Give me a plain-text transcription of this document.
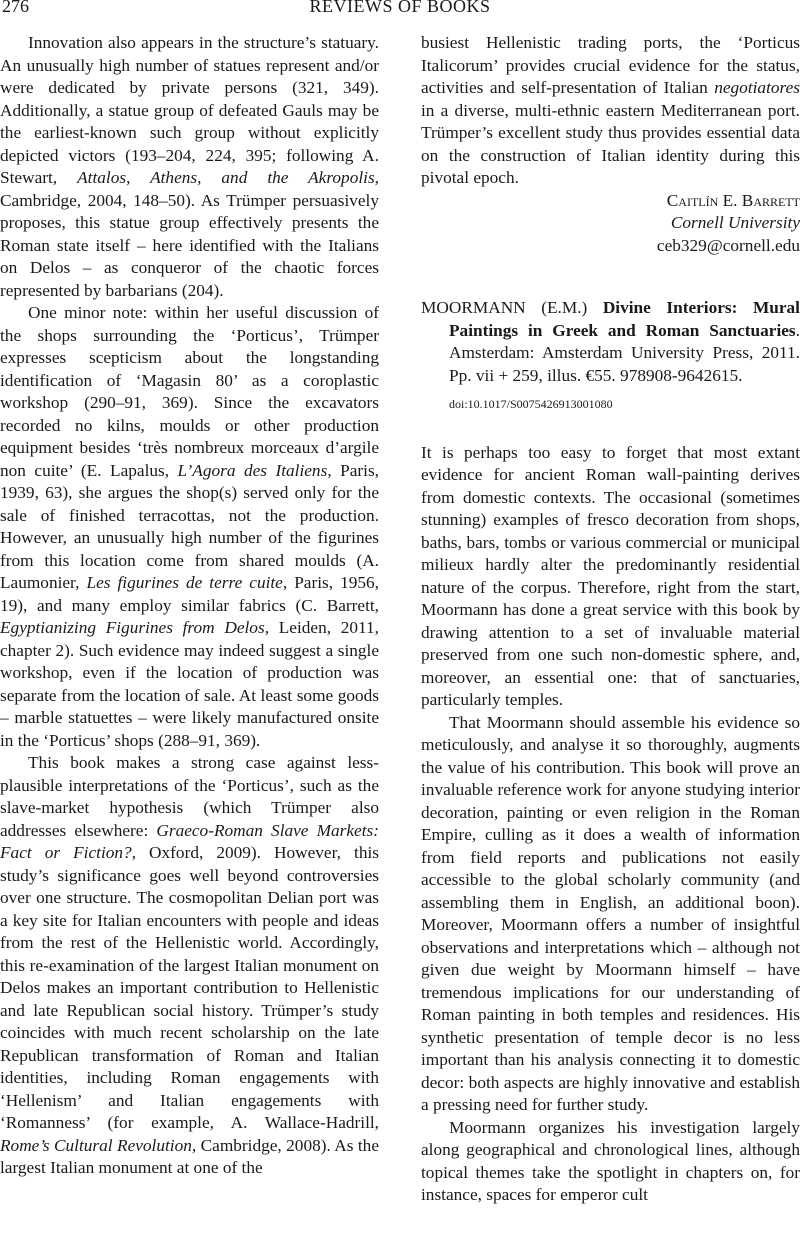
276	REVIEWS OF BOOKS

Innovation also appears in the structure’s statuary. An unusually high number of statues represent and/or were dedicated by private persons (321, 349). Additionally, a statue group of defeated Gauls may be the earliest-known such group without explicitly depicted victors (193–204, 224, 395; following A. Stewart, Attalos, Athens, and the Akropolis, Cambridge, 2004, 148–50). As Trümper persuasively proposes, this statue group effectively presents the Roman state itself – here identified with the Italians on Delos – as conqueror of the chaotic forces represented by barbarians (204).

One minor note: within her useful discussion of the shops surrounding the ‘Porticus’, Trümper expresses scepticism about the longstanding identification of ‘Magasin 80’ as a coroplastic workshop (290–91, 369). Since the excavators recorded no kilns, moulds or other production equipment besides ‘très nombreux morceaux d’argile non cuite’ (E. Lapalus, L’Agora des Italiens, Paris, 1939, 63), she argues the shop(s) served only for the sale of finished terracottas, not the production. However, an unusually high number of the figurines from this location come from shared moulds (A. Laumonier, Les figurines de terre cuite, Paris, 1956, 19), and many employ similar fabrics (C. Barrett, Egyptianizing Figurines from Delos, Leiden, 2011, chapter 2). Such evidence may indeed suggest a single workshop, even if the location of production was separate from the location of sale. At least some goods – marble statuettes – were likely manufactured onsite in the ‘Porticus’ shops (288–91, 369).

This book makes a strong case against less-plausible interpretations of the ‘Porticus’, such as the slave-market hypothesis (which Trümper also addresses elsewhere: Graeco-Roman Slave Markets: Fact or Fiction?, Oxford, 2009). However, this study’s significance goes well beyond controversies over one structure. The cosmopolitan Delian port was a key site for Italian encounters with people and ideas from the rest of the Hellenistic world. Accordingly, this re-examination of the largest Italian monument on Delos makes an important contribution to Hellenistic and late Republican social history. Trümper’s study coincides with much recent scholarship on the late Republican transformation of Roman and Italian identities, including Roman engagements with ‘Hellenism’ and Italian engagements with ‘Romanness’ (for example, A. Wallace-Hadrill, Rome’s Cultural Revolution, Cambridge, 2008). As the largest Italian monument at one of the

busiest Hellenistic trading ports, the ‘Porticus Italicorum’ provides crucial evidence for the status, activities and self-presentation of Italian negotiatores in a diverse, multi-ethnic eastern Mediterranean port. Trümper’s excellent study thus provides essential data on the construction of Italian identity during this pivotal epoch.

Caitlín E. Barrett
Cornell University
ceb329@cornell.edu

MOORMANN (E.M.) Divine Interiors: Mural Paintings in Greek and Roman Sanctuaries. Amsterdam: Amsterdam University Press, 2011. Pp. vii + 259, illus. €55. 978908-9642615.

doi:10.1017/S0075426913001080

It is perhaps too easy to forget that most extant evidence for ancient Roman wall-painting derives from domestic contexts. The occasional (sometimes stunning) examples of fresco decoration from shops, baths, bars, tombs or various commercial or municipal milieux hardly alter the predominantly residential nature of the corpus. Therefore, right from the start, Moormann has done a great service with this book by drawing attention to a set of invaluable material preserved from one such non-domestic sphere, and, moreover, an essential one: that of sanctuaries, particularly temples.

That Moormann should assemble his evidence so meticulously, and analyse it so thoroughly, augments the value of his contribution. This book will prove an invaluable reference work for anyone studying interior decoration, painting or even religion in the Roman Empire, culling as it does a wealth of information from field reports and publications not easily accessible to the global scholarly community (and assembling them in English, an additional boon). Moreover, Moormann offers a number of insightful observations and interpretations which – although not given due weight by Moormann himself – have tremendous implications for our understanding of Roman painting in both temples and residences. His synthetic presentation of temple decor is no less important than his analysis connecting it to domestic decor: both aspects are highly innovative and establish a pressing need for further study.

Moormann organizes his investigation largely along geographical and chronological lines, although topical themes take the spotlight in chapters on, for instance, spaces for emperor cult
